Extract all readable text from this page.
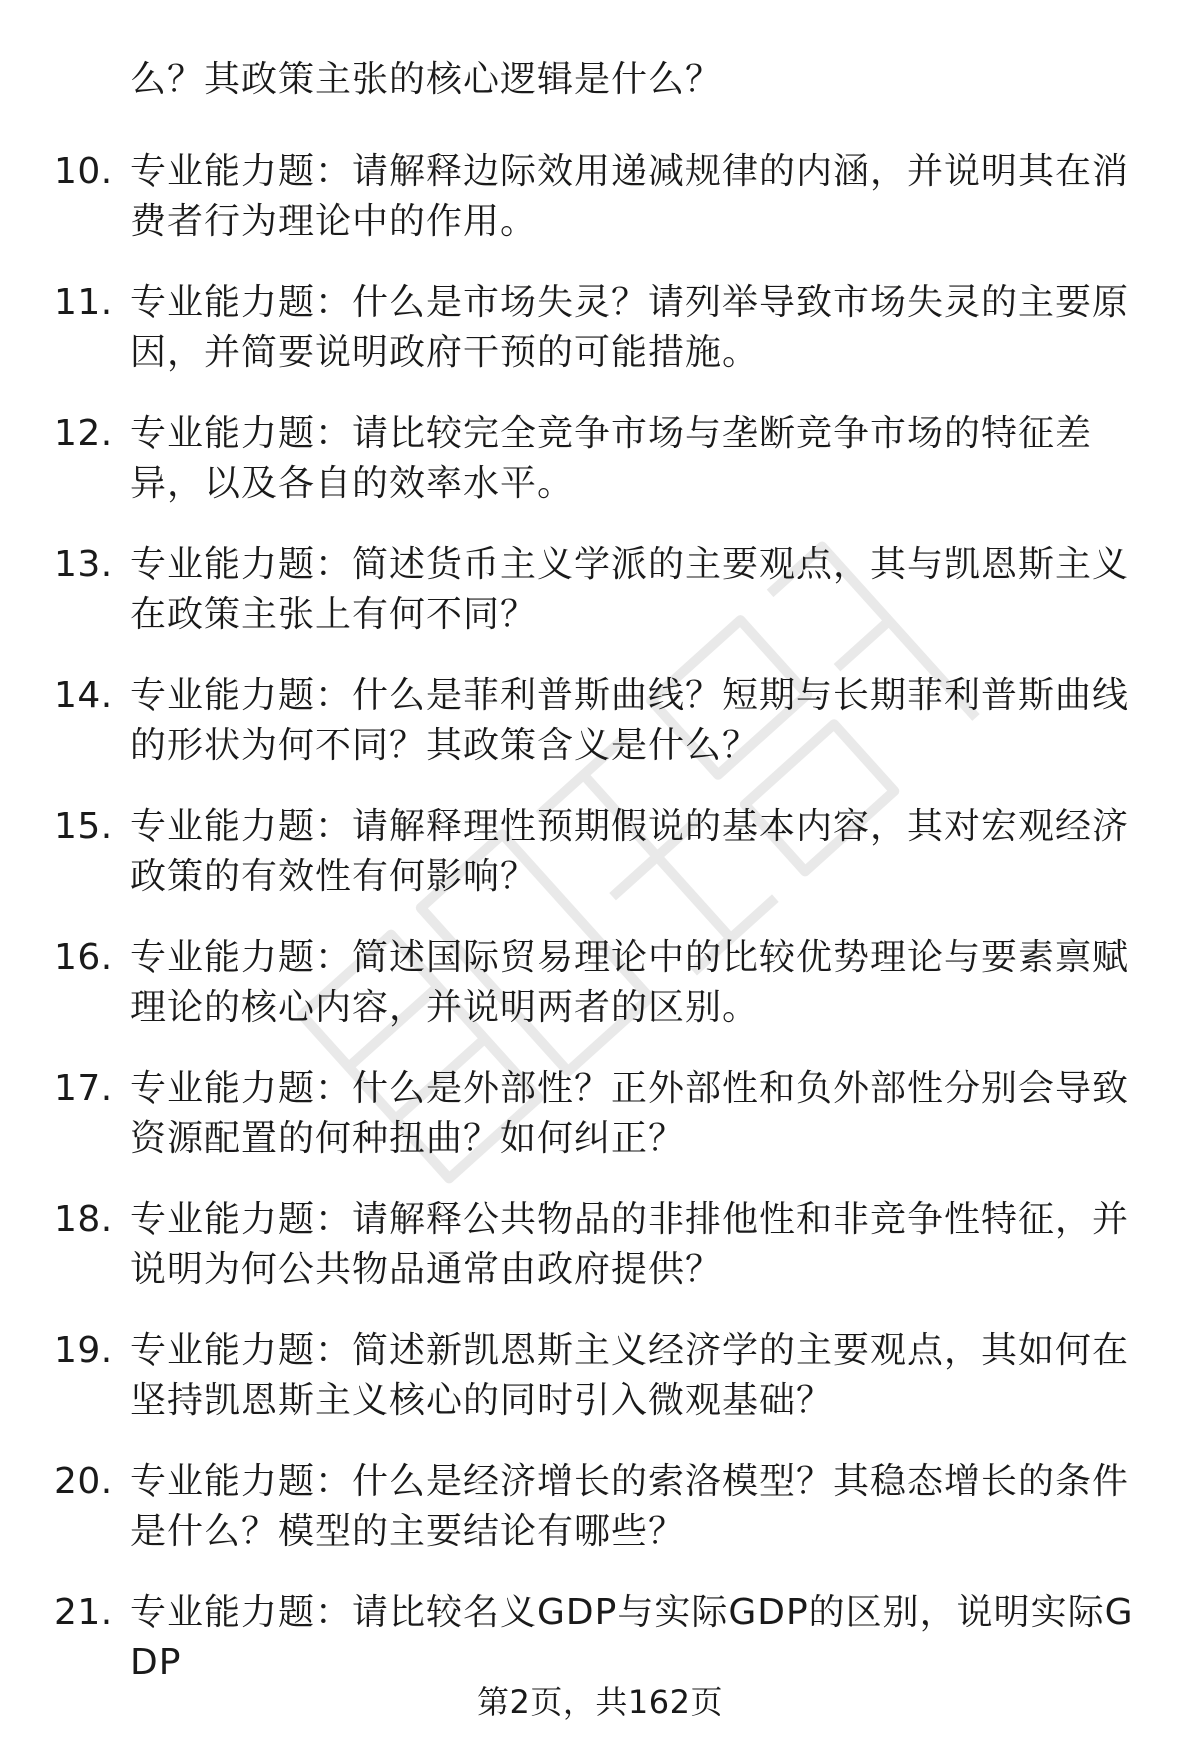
么？其政策主张的核心逻辑是什么？
10. 专业能力题：请解释边际效用递减规律的内涵，并说明其在消费者行为理论中的作用。
11. 专业能力题：什么是市场失灵？请列举导致市场失灵的主要原因，并简要说明政府干预的可能措施。
12. 专业能力题：请比较完全竞争市场与垄断竞争市场的特征差异，以及各自的效率水平。
13. 专业能力题：简述货币主义学派的主要观点，其与凯恩斯主义在政策主张上有何不同？
14. 专业能力题：什么是菲利普斯曲线？短期与长期菲利普斯曲线的形状为何不同？其政策含义是什么？
15. 专业能力题：请解释理性预期假说的基本内容，其对宏观经济政策的有效性有何影响？
16. 专业能力题：简述国际贸易理论中的比较优势理论与要素禀赋理论的核心内容，并说明两者的区别。
17. 专业能力题：什么是外部性？正外部性和负外部性分别会导致资源配置的何种扭曲？如何纠正？
18. 专业能力题：请解释公共物品的非排他性和非竞争性特征，并说明为何公共物品通常由政府提供？
19. 专业能力题：简述新凯恩斯主义经济学的主要观点，其如何在坚持凯恩斯主义核心的同时引入微观基础？
20. 专业能力题：什么是经济增长的索洛模型？其稳态增长的条件是什么？模型的主要结论有哪些？
21. 专业能力题：请比较名义GDP与实际GDP的区别，说明实际GDP
第2页，共162页
